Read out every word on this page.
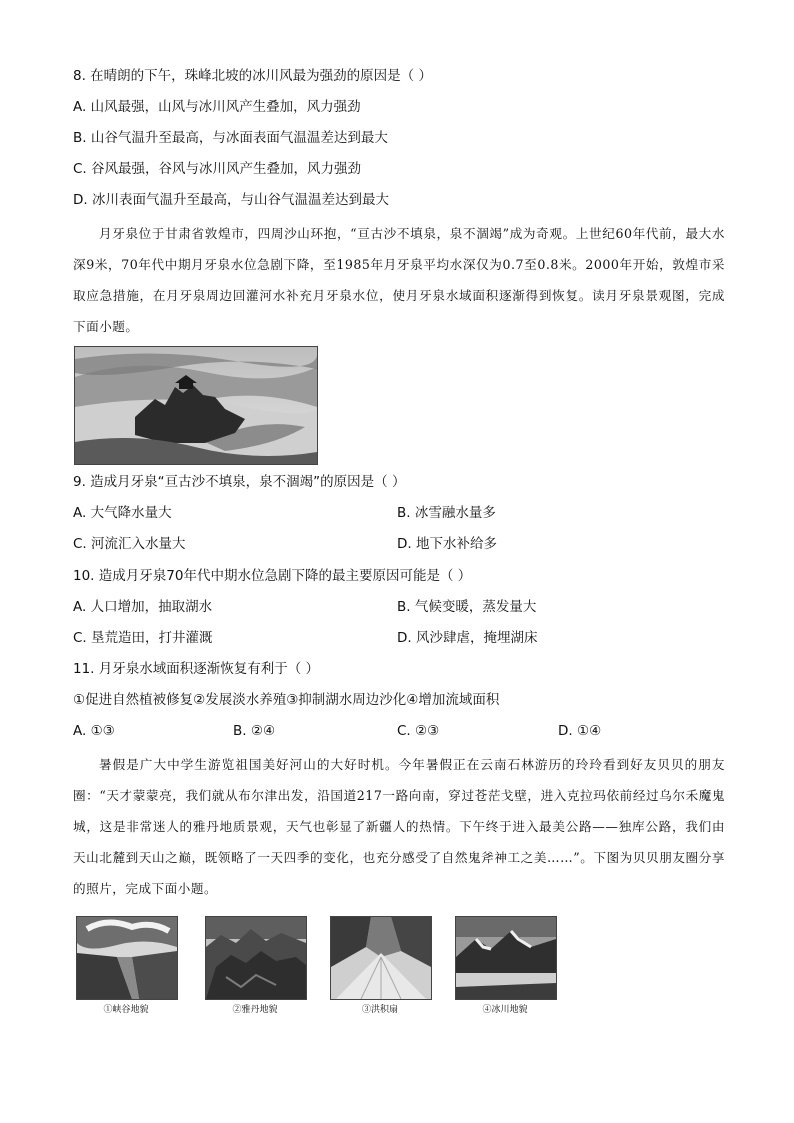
8. 在晴朗的下午，珠峰北坡的冰川风最为强劲的原因是（ ）
A. 山风最强，山风与冰川风产生叠加，风力强劲
B. 山谷气温升至最高，与冰面表面气温温差达到最大
C. 谷风最强，谷风与冰川风产生叠加，风力强劲
D. 冰川表面气温升至最高，与山谷气温温差达到最大
月牙泉位于甘肃省敦煌市，四周沙山环抱，“亘古沙不填泉，泉不涸竭”成为奇观。上世纪60年代前，最大水深9米，70年代中期月牙泉水位急剧下降，至1985年月牙泉平均水深仅为0.7至0.8米。2000年开始，敦煌市采取应急措施，在月牙泉周边回灌河水补充月牙泉水位，使月牙泉水域面积逐渐得到恢复。读月牙泉景观图，完成下面小题。
9. 造成月牙泉“亘古沙不填泉，泉不涸竭”的原因是（ ）
A. 大气降水量大	B. 冰雪融水量多
C. 河流汇入水量大	D. 地下水补给多
10. 造成月牙泉70年代中期水位急剧下降的最主要原因可能是（ ）
A. 人口增加，抽取湖水	B. 气候变暖，蒸发量大
C. 垦荒造田，打井灌溉	D. 风沙肆虐，掩埋湖床
11. 月牙泉水域面积逐渐恢复有利于（ ）
①促进自然植被修复②发展淡水养殖③抑制湖水周边沙化④增加流域面积
A. ①③	B. ②④	C. ②③	D. ①④
暑假是广大中学生游览祖国美好河山的大好时机。今年暑假正在云南石林游历的玲玲看到好友贝贝的朋友圈：“天才蒙蒙亮，我们就从布尔津出发，沿国道217一路向南，穿过苍茫戈壁，进入克拉玛依前经过乌尔禾魔鬼城，这是非常迷人的雅丹地质景观，天气也彰显了新疆人的热情。下午终于进入最美公路——独库公路，我们由天山北麓到天山之巅，既领略了一天四季的变化，也充分感受了自然鬼斧神工之美……”。下图为贝贝朋友圈分享的照片，完成下面小题。
①峡谷地貌	②雅丹地貌	③洪积扇	④冰川地貌
